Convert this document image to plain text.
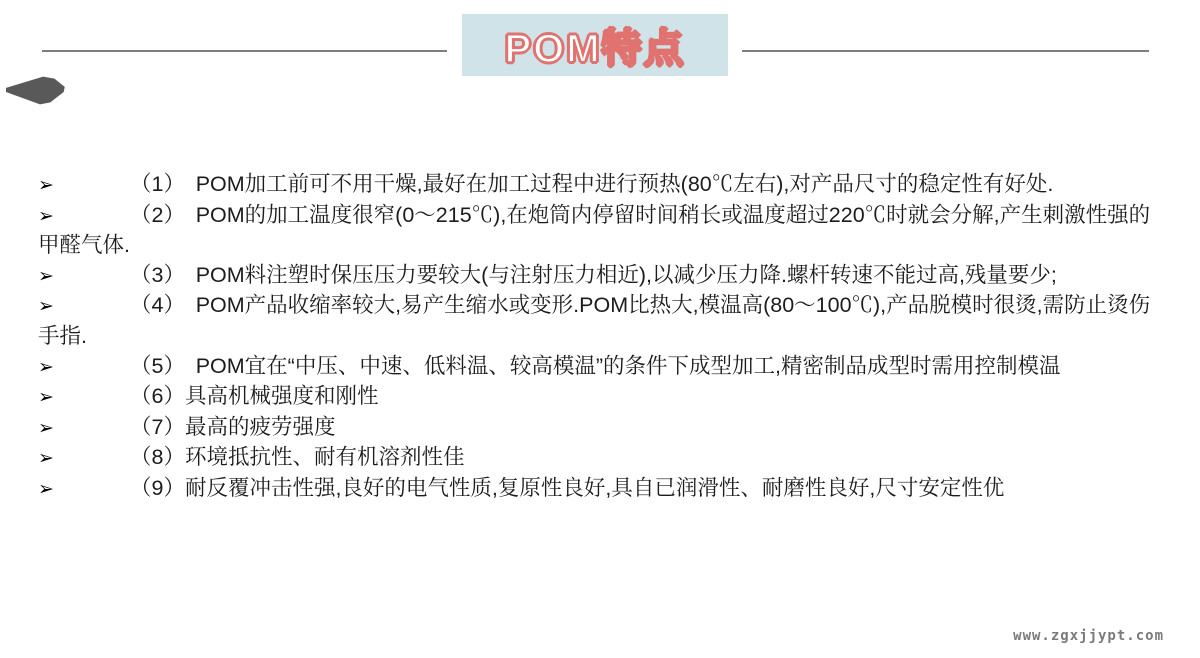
POM特点
➢	（1）　POM加工前可不用干燥,最好在加工过程中进行预热(80℃左右),对产品尺寸的稳定性有好处.
➢	（2）　POM的加工温度很窄(0～215℃),在炮筒内停留时间稍长或温度超过220℃时就会分解,产生刺激性强的甲醛气体.
➢	（3）　POM料注塑时保压压力要较大(与注射压力相近),以减少压力降.螺杆转速不能过高,残量要少;
➢	（4）　POM产品收缩率较大,易产生缩水或变形.POM比热大,模温高(80～100℃),产品脱模时很烫,需防止烫伤手指.
➢	（5）　POM宜在“中压、中速、低料温、较高模温”的条件下成型加工,精密制品成型时需用控制模温
➢	（6）具高机械强度和刚性
➢	（7）最高的疲劳强度
➢	（8）环境抵抗性、耐有机溶剂性佳
➢	（9）耐反覆冲击性强,良好的电气性质,复原性良好,具自已润滑性、耐磨性良好,尺寸安定性优
www.zgxjjypt.com
